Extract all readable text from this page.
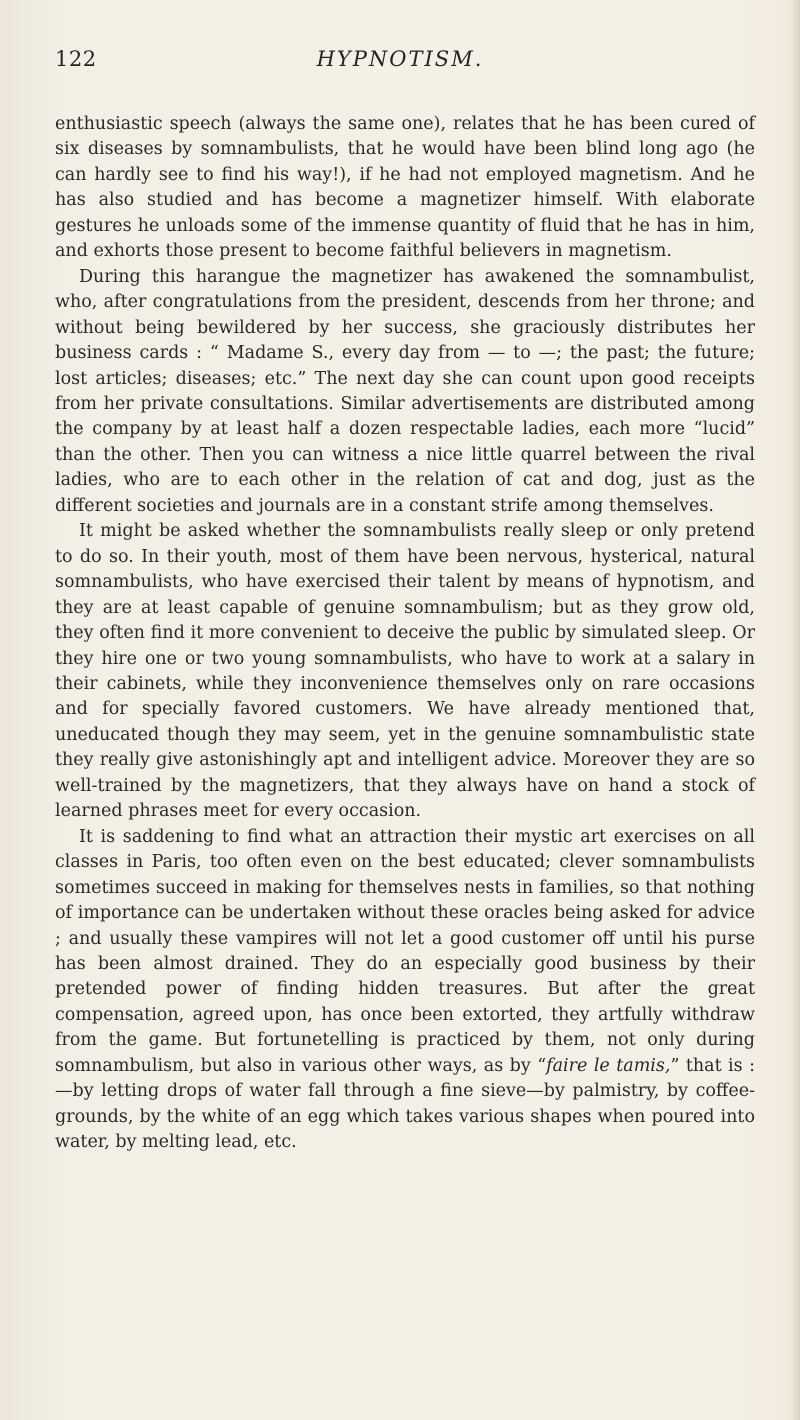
122	HYPNOTISM.

enthusiastic speech (always the same one), relates that he has been cured of six diseases by somnambulists, that he would have been blind long ago (he can hardly see to find his way!), if he had not employed magnetism. And he has also studied and has become a magnetizer himself. With elaborate gestures he unloads some of the immense quantity of fluid that he has in him, and exhorts those present to become faithful believers in magnetism.

During this harangue the magnetizer has awakened the somnambulist, who, after congratulations from the president, descends from her throne; and without being bewildered by her success, she graciously distributes her business cards : “ Madame S., every day from — to —; the past; the future; lost articles; diseases; etc.” The next day she can count upon good receipts from her private consultations. Similar advertisements are distributed among the company by at least half a dozen respectable ladies, each more “lucid” than the other. Then you can witness a nice little quarrel between the rival ladies, who are to each other in the relation of cat and dog, just as the different societies and journals are in a constant strife among themselves.

It might be asked whether the somnambulists really sleep or only pretend to do so. In their youth, most of them have been nervous, hysterical, natural somnambulists, who have exercised their talent by means of hypnotism, and they are at least capable of genuine somnambulism; but as they grow old, they often find it more convenient to deceive the public by simulated sleep. Or they hire one or two young somnambulists, who have to work at a salary in their cabinets, while they inconvenience themselves only on rare occasions and for specially favored customers. We have already mentioned that, uneducated though they may seem, yet in the genuine somnambulistic state they really give astonishingly apt and intelligent advice. Moreover they are so well-trained by the magnetizers, that they always have on hand a stock of learned phrases meet for every occasion.

It is saddening to find what an attraction their mystic art exercises on all classes in Paris, too often even on the best educated; clever somnambulists sometimes succeed in making for themselves nests in families, so that nothing of importance can be undertaken without these oracles being asked for advice ; and usually these vampires will not let a good customer off until his purse has been almost drained. They do an especially good business by their pretended power of finding hidden treasures. But after the great compensation, agreed upon, has once been extorted, they artfully withdraw from the game. But fortunetelling is practiced by them, not only during somnambulism, but also in various other ways, as by “faire le tamis,” that is :—by letting drops of water fall through a fine sieve—by palmistry, by coffee-grounds, by the white of an egg which takes various shapes when poured into water, by melting lead, etc.
